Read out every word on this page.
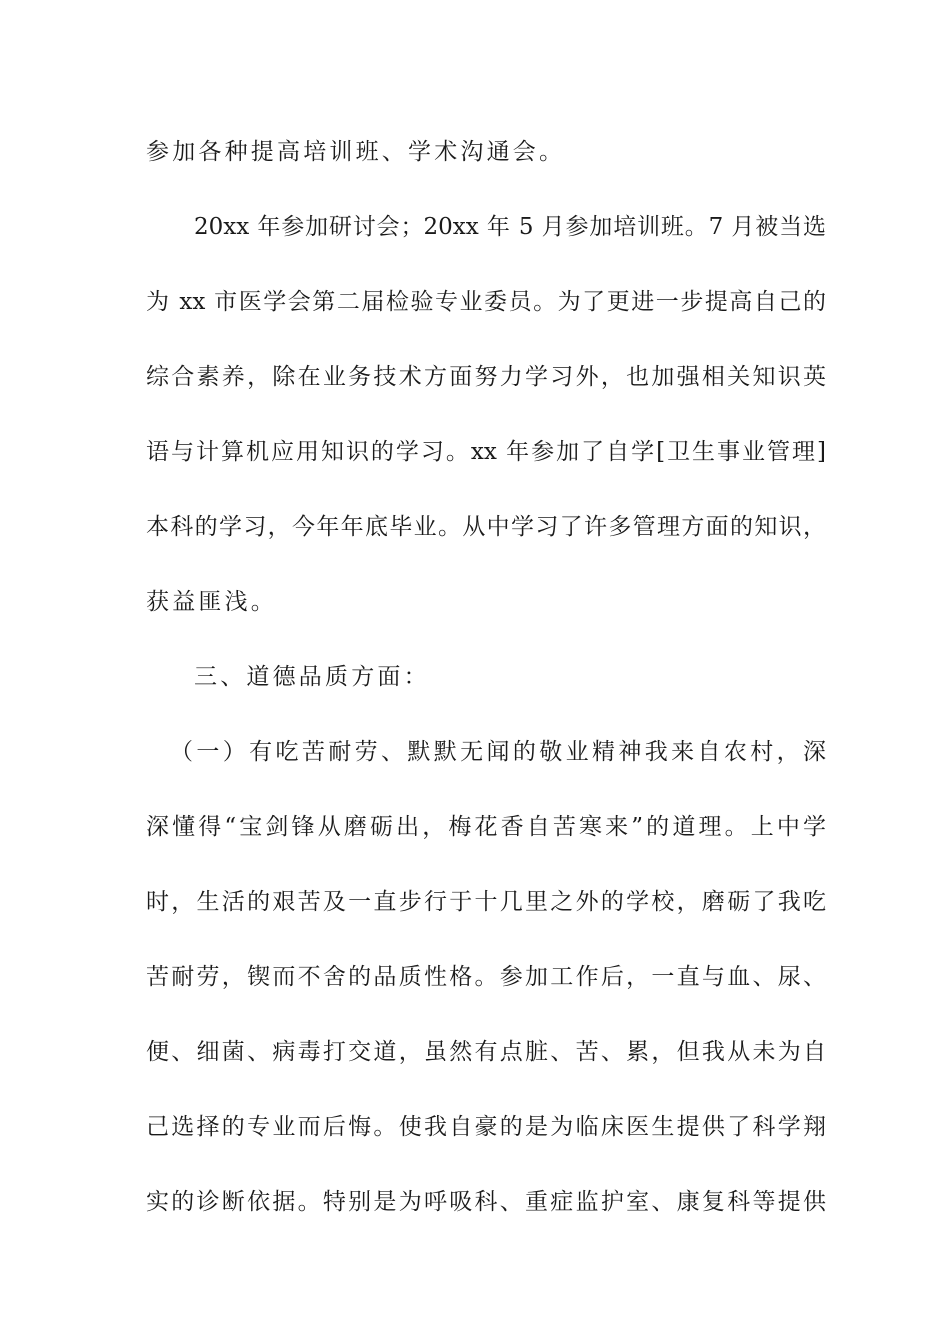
参加各种提高培训班、学术沟通会。
20xx 年参加研讨会；20xx 年 5 月参加培训班。7 月被当选
为 xx 市医学会第二届检验专业委员。为了更进一步提高自己的
综合素养，除在业务技术方面努力学习外，也加强相关知识英
语与计算机应用知识的学习。xx 年参加了自学[卫生事业管理]
本科的学习，今年年底毕业。从中学习了许多管理方面的知识，
获益匪浅。
三、道德品质方面：
（一）有吃苦耐劳、默默无闻的敬业精神我来自农村，深
深懂得“宝剑锋从磨砺出，梅花香自苦寒来”的道理。上中学
时，生活的艰苦及一直步行于十几里之外的学校，磨砺了我吃
苦耐劳，锲而不舍的品质性格。参加工作后，一直与血、尿、
便、细菌、病毒打交道，虽然有点脏、苦、累，但我从未为自
己选择的专业而后悔。使我自豪的是为临床医生提供了科学翔
实的诊断依据。特别是为呼吸科、重症监护室、康复科等提供
